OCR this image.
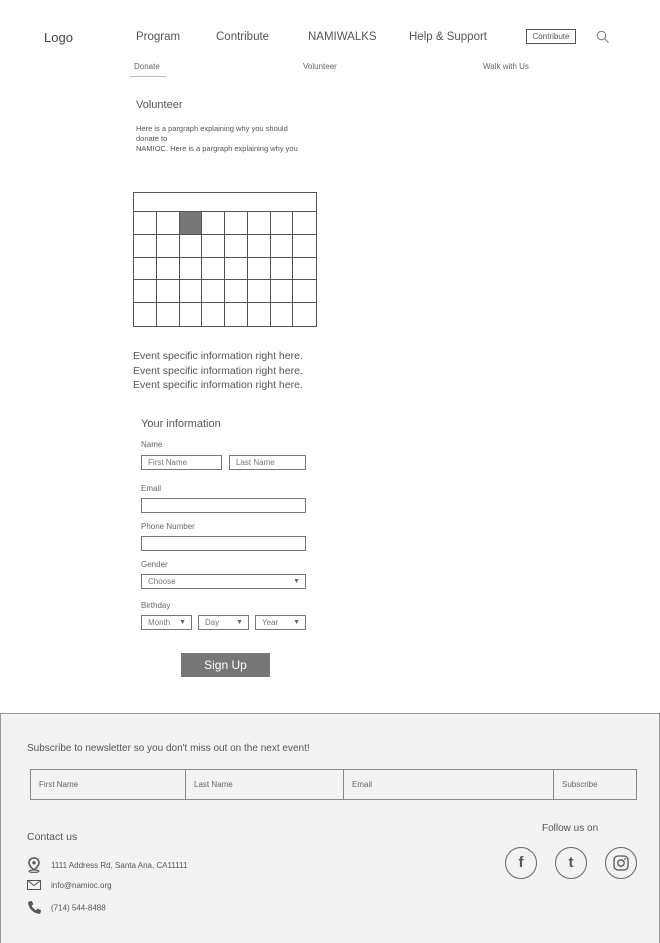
Logo	Program	Contribute	NAMIWALKS	Help & Support	Contribute
Donate	Volunteer	Walk with Us
Volunteer
Here is a pargraph explaining why you should
donate to
NAMIOC. Here is a pargraph explaining why you
Event specific information right here.
Event specific information right here.
Event specific information right here.
Your information
Name
First Name	Last Name
Email
Phone Number
Gender
Choose	▼
Birthday
Month ▼	Day ▼	Year ▼
Sign Up
Subscribe to newsletter so you don't miss out on the next event!
First Name	Last Name	Email	Subscribe
Contact us
1111 Address Rd, Santa Ana, CA11111
info@namioc.org
(714) 544-8488
Follow us on
f	t
